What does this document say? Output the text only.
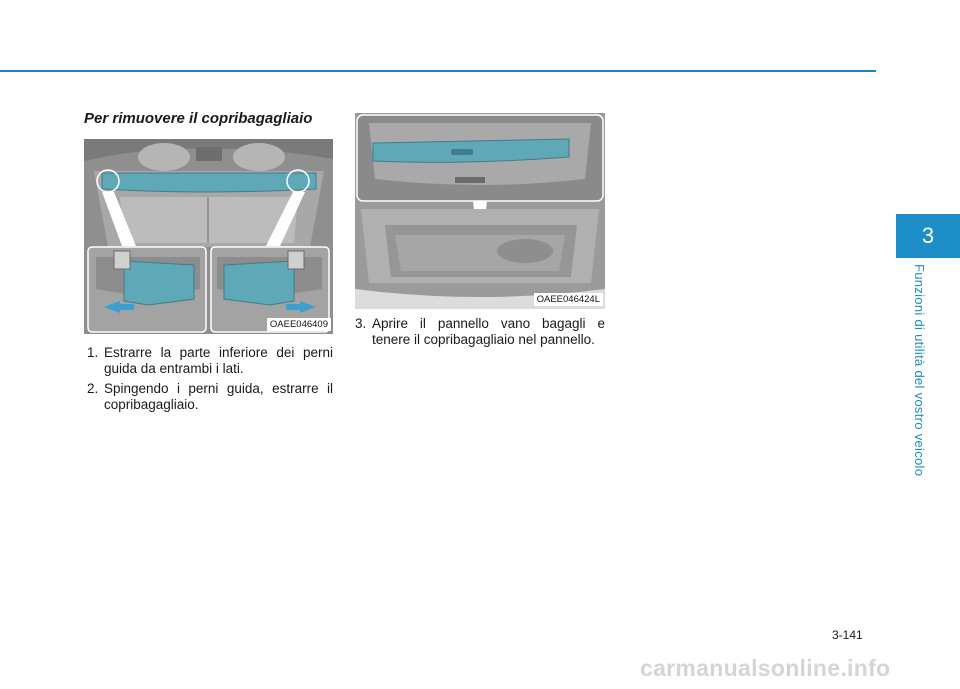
Per rimuovere il copribagagliaio
OAEE046409
OAEE046424L
1. Estrarre la parte inferiore dei perni guida da entrambi i lati.
2. Spingendo i perni guida, estrarre il copribagagliaio.
3. Aprire il pannello vano bagagli e tenere il copribagagliaio nel pannello.
3
Funzioni di utilità del vostro veicolo
3-141
carmanualsonline.info
